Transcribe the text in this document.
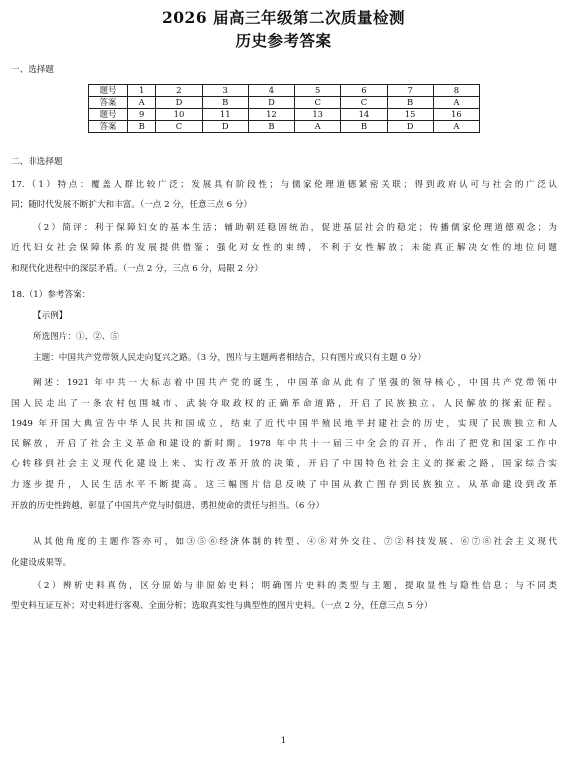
2026 届高三年级第二次质量检测
历史参考答案
一、选择题
题号	1	2	3	4	5	6	7	8
答案	A	D	B	D	C	C	B	A
题号	9	10	11	12	13	14	15	16
答案	B	C	D	B	A	B	D	A
二、非选择题
17.（1）特点：覆盖人群比较广泛；发展具有阶段性；与儒家伦理道德紧密关联；得到政府认可与社会的广泛认
同；随时代发展不断扩大和丰富。（一点 2 分，任意三点 6 分）
（2）简评：利于保障妇女的基本生活；辅助朝廷稳固统治，促进基层社会的稳定；传播儒家伦理道德观念；为
近代妇女社会保障体系的发展提供借鉴；强化对女性的束缚，不利于女性解放；未能真正解决女性的地位问题
和现代化进程中的深层矛盾。（一点 2 分，三点 6 分，局限 2 分）
18.（1）参考答案：
【示例】
所选图片：①、②、⑤
主题：中国共产党带领人民走向复兴之路。（3 分，图片与主题两者相结合，只有图片或只有主题 0 分）
阐述：1921 年中共一大标志着中国共产党的诞生，中国革命从此有了坚强的领导核心，中国共产党带领中
国人民走出了一条农村包围城市、武装夺取政权的正确革命道路，开启了民族独立、人民解放的探索征程。
1949 年开国大典宣告中华人民共和国成立，结束了近代中国半殖民地半封建社会的历史，实现了民族独立和人
民解放，开启了社会主义革命和建设的新时期。1978 年中共十一届三中全会的召开，作出了把党和国家工作中
心转移到社会主义现代化建设上来、实行改革开放的决策，开启了中国特色社会主义的探索之路，国家综合实
力逐步提升，人民生活水平不断提高。这三幅图片信息反映了中国从救亡图存到民族独立、从革命建设到改革
开放的历史性跨越，彰显了中国共产党与时俱进、勇担使命的责任与担当。（6 分）
从其他角度的主题作答亦可，如③⑤⑥经济体制的转型、④⑧对外交往、⑦②科技发展、⑥⑦⑧社会主义现代
化建设成果等。
（2）辨析史料真伪，区分原始与非原始史料；明确图片史料的类型与主题，提取显性与隐性信息；与不同类
型史料互证互补；对史料进行客观、全面分析；选取真实性与典型性的图片史料。（一点 2 分，任意三点 5 分）
1
